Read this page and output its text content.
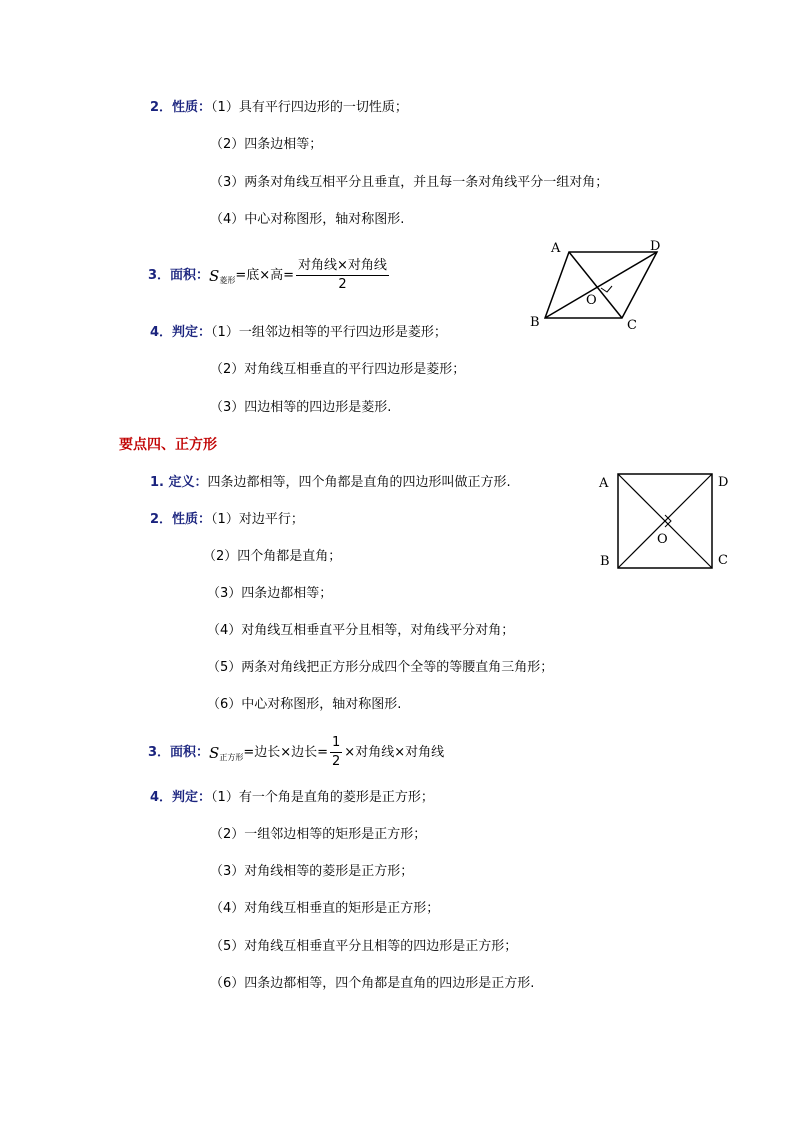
2．性质：（1）具有平行四边形的一切性质；
（2）四条边相等；
（3）两条对角线互相平分且垂直，并且每一条对角线平分一组对角；
（4）中心对称图形，轴对称图形.
3．面积： S 菱形 =底×高= $\frac{\text{对角线×对角线}}{2}$
4．判定：（1）一组邻边相等的平行四边形是菱形；
（2）对角线互相垂直的平行四边形是菱形；
（3）四边相等的四边形是菱形.
A	D
B	C
O
要点四、正方形
1. 定义：四条边都相等，四个角都是直角的四边形叫做正方形.
2．性质：（1）对边平行；
（2）四个角都是直角；
（3）四条边都相等；
（4）对角线互相垂直平分且相等，对角线平分对角；
（5）两条对角线把正方形分成四个全等的等腰直角三角形；
（6）中心对称图形，轴对称图形.
3．面积： S 正方形 =边长×边长= $\frac{1}{2}$ ×对角线×对角线
4．判定：（1）有一个角是直角的菱形是正方形；
（2）一组邻边相等的矩形是正方形；
（3）对角线相等的菱形是正方形；
（4）对角线互相垂直的矩形是正方形；
（5）对角线互相垂直平分且相等的四边形是正方形；
（6）四条边都相等，四个角都是直角的四边形是正方形.
A	D
B	C
O
